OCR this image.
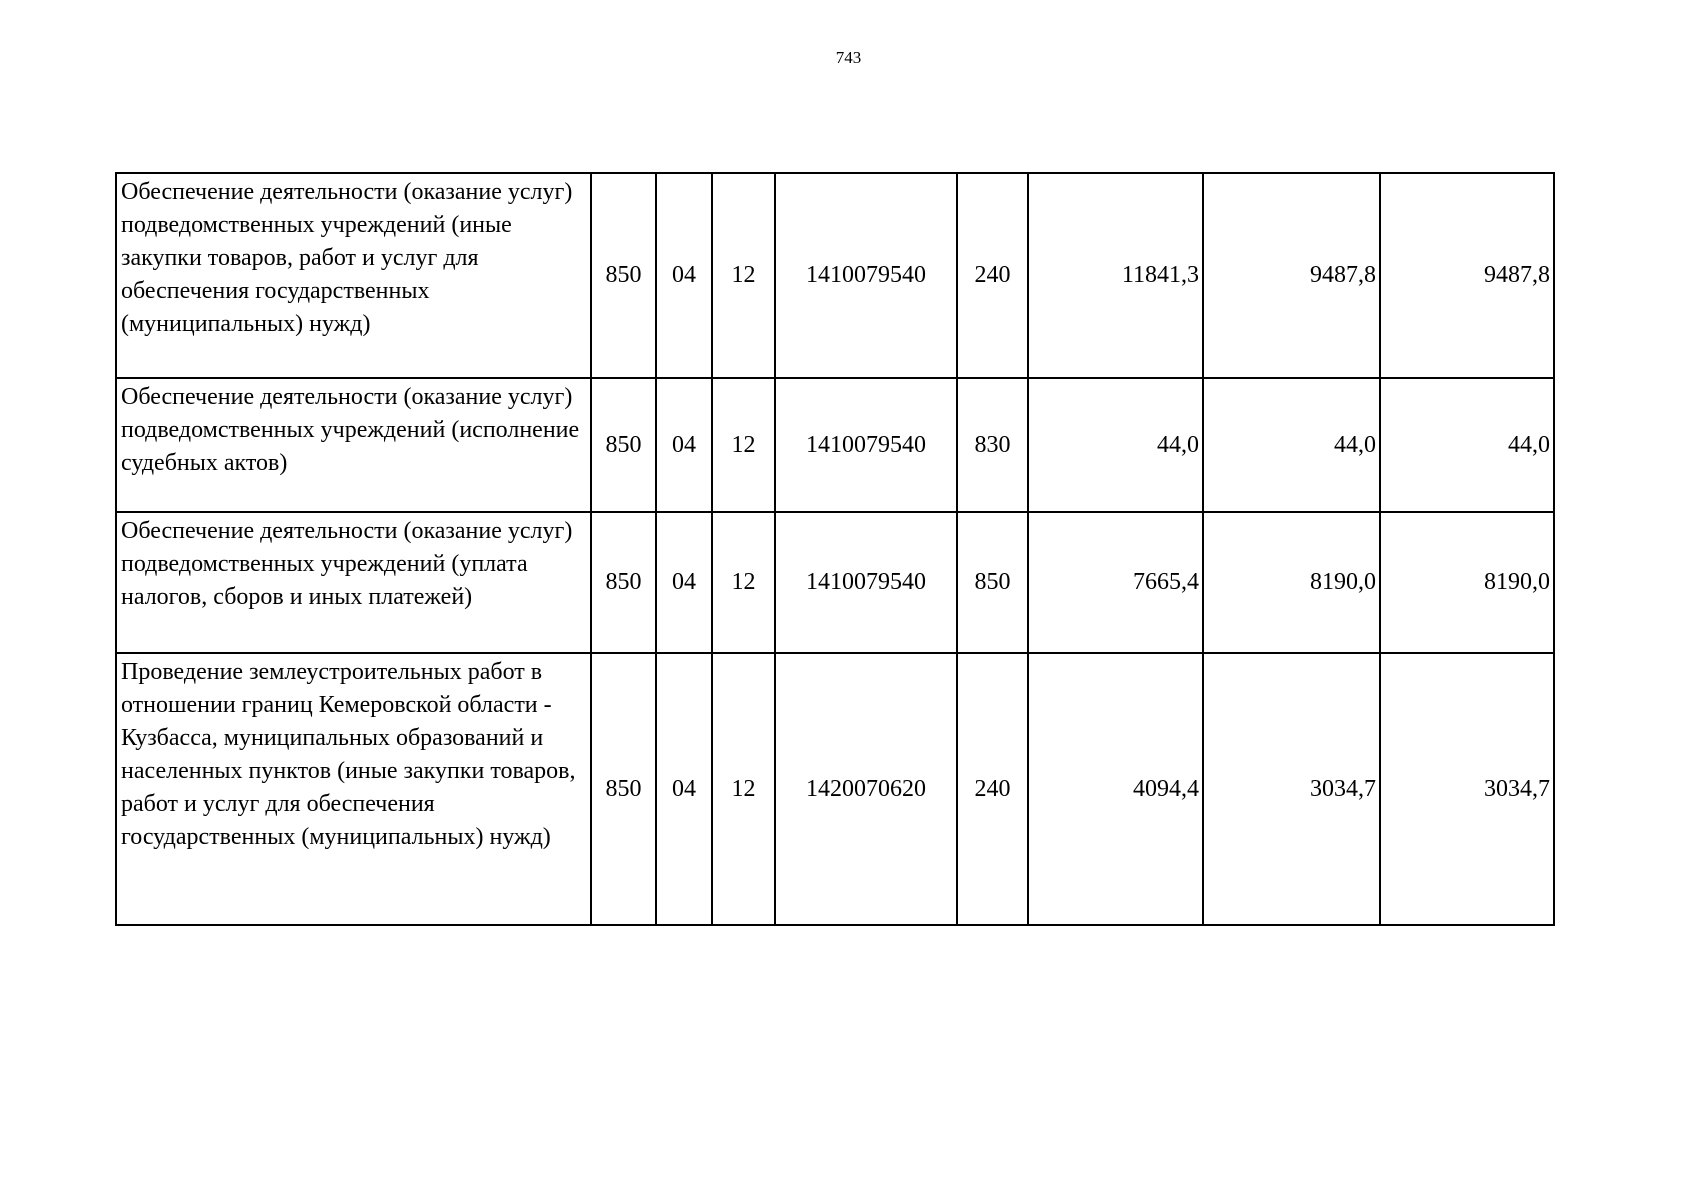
743
Обеспечение деятельности (оказание услуг) подведомственных учреждений (иные закупки товаров, работ и услуг для обеспечения государственных (муниципальных) нужд)	850	04	12	1410079540	240	11841,3	9487,8	9487,8
Обеспечение деятельности (оказание услуг) подведомственных учреждений (исполнение судебных актов)	850	04	12	1410079540	830	44,0	44,0	44,0
Обеспечение деятельности (оказание услуг) подведомственных учреждений (уплата налогов, сборов и иных платежей)	850	04	12	1410079540	850	7665,4	8190,0	8190,0
Проведение землеустроительных работ в отношении границ Кемеровской области - Кузбасса, муниципальных образований и населенных пунктов (иные закупки товаров, работ и услуг для обеспечения государственных (муниципальных) нужд)	850	04	12	1420070620	240	4094,4	3034,7	3034,7
